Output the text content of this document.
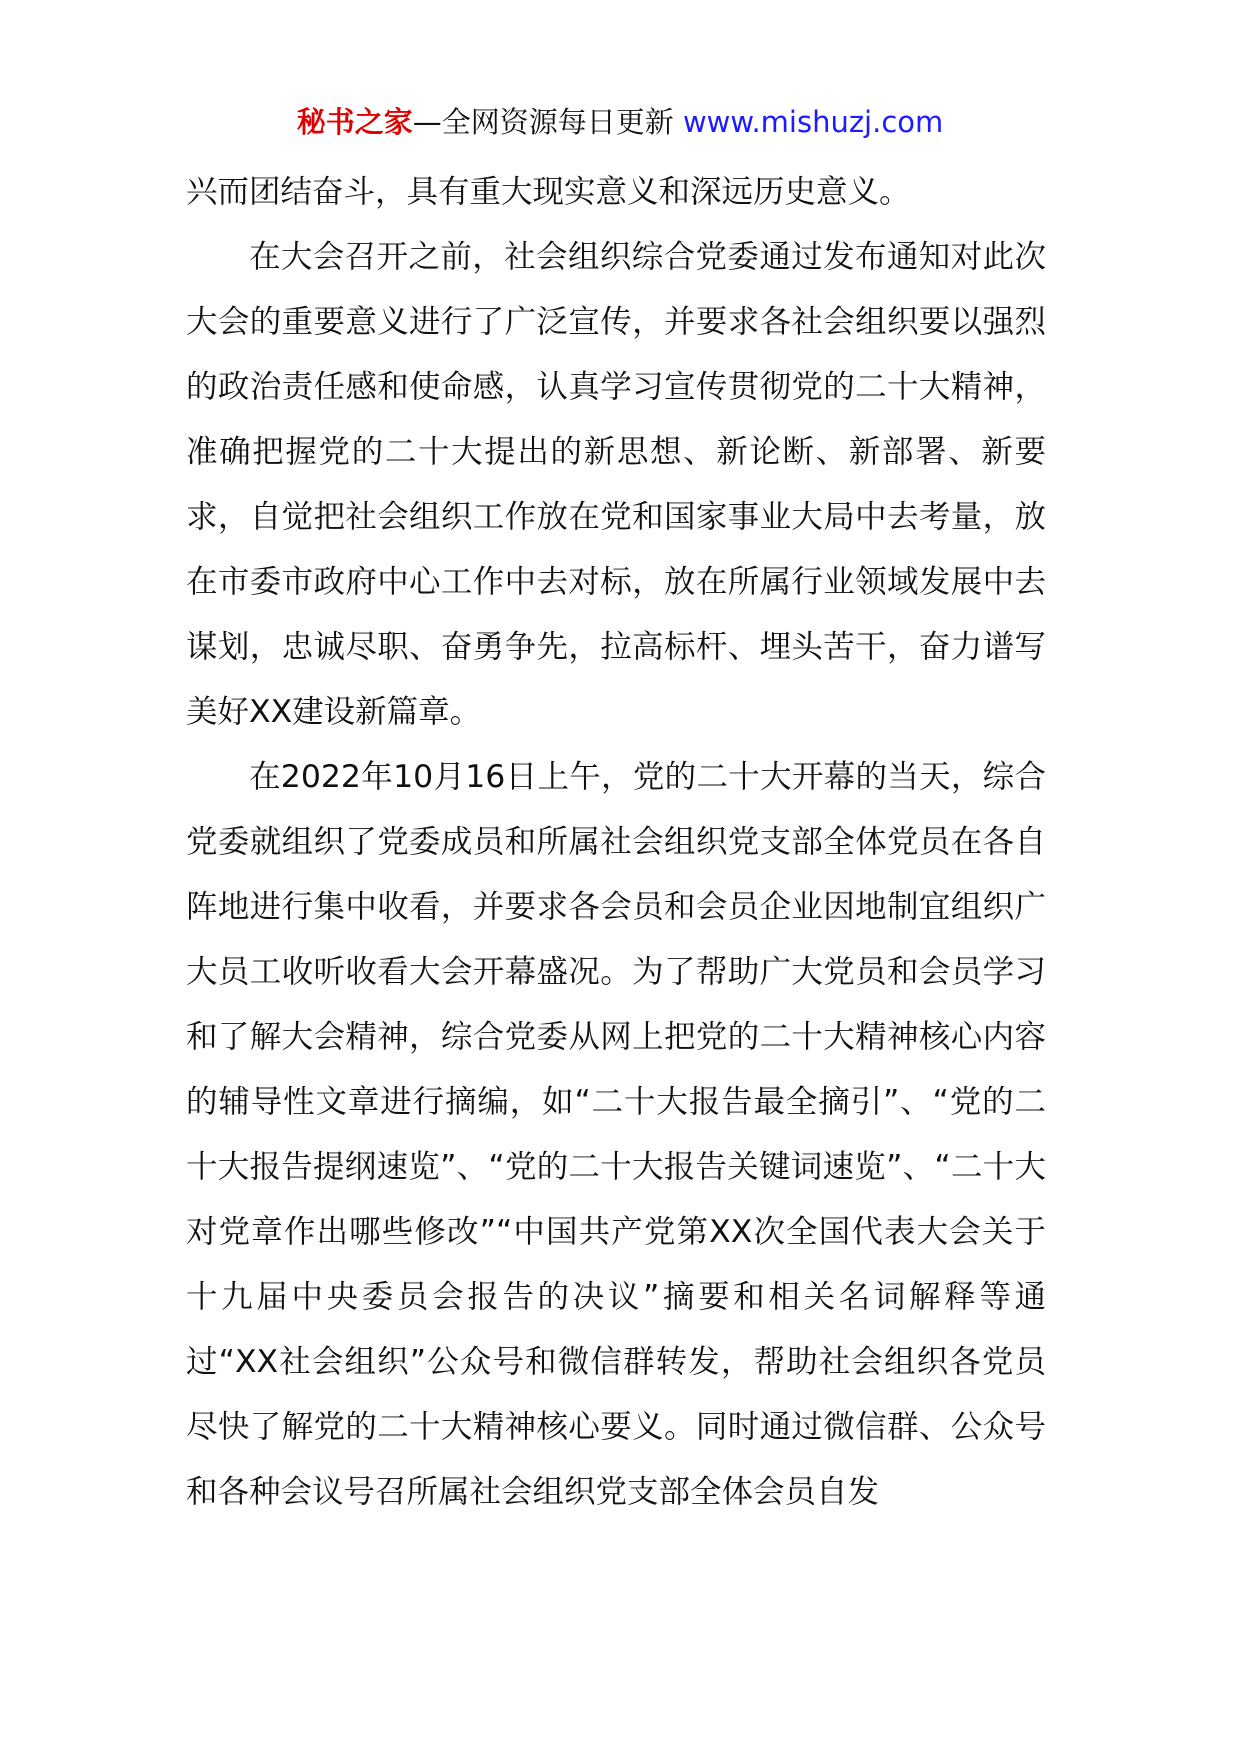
秘书之家—全网资源每日更新 www.mishuzj.com

兴而团结奋斗，具有重大现实意义和深远历史意义。

在大会召开之前，社会组织综合党委通过发布通知对此次大会的重要意义进行了广泛宣传，并要求各社会组织要以强烈的政治责任感和使命感，认真学习宣传贯彻党的二十大精神，准确把握党的二十大提出的新思想、新论断、新部署、新要求，自觉把社会组织工作放在党和国家事业大局中去考量，放在市委市政府中心工作中去对标，放在所属行业领域发展中去谋划，忠诚尽职、奋勇争先，拉高标杆、埋头苦干，奋力谱写美好XX建设新篇章。

在2022年10月16日上午，党的二十大开幕的当天，综合党委就组织了党委成员和所属社会组织党支部全体党员在各自阵地进行集中收看，并要求各会员和会员企业因地制宜组织广大员工收听收看大会开幕盛况。为了帮助广大党员和会员学习和了解大会精神，综合党委从网上把党的二十大精神核心内容的辅导性文章进行摘编，如“二十大报告最全摘引”、“党的二十大报告提纲速览”、“党的二十大报告关键词速览”、“二十大对党章作出哪些修改”“中国共产党第XX次全国代表大会关于十九届中央委员会报告的决议”摘要和相关名词解释等通过“XX社会组织”公众号和微信群转发，帮助社会组织各党员尽快了解党的二十大精神核心要义。同时通过微信群、公众号和各种会议号召所属社会组织党支部全体会员自发
